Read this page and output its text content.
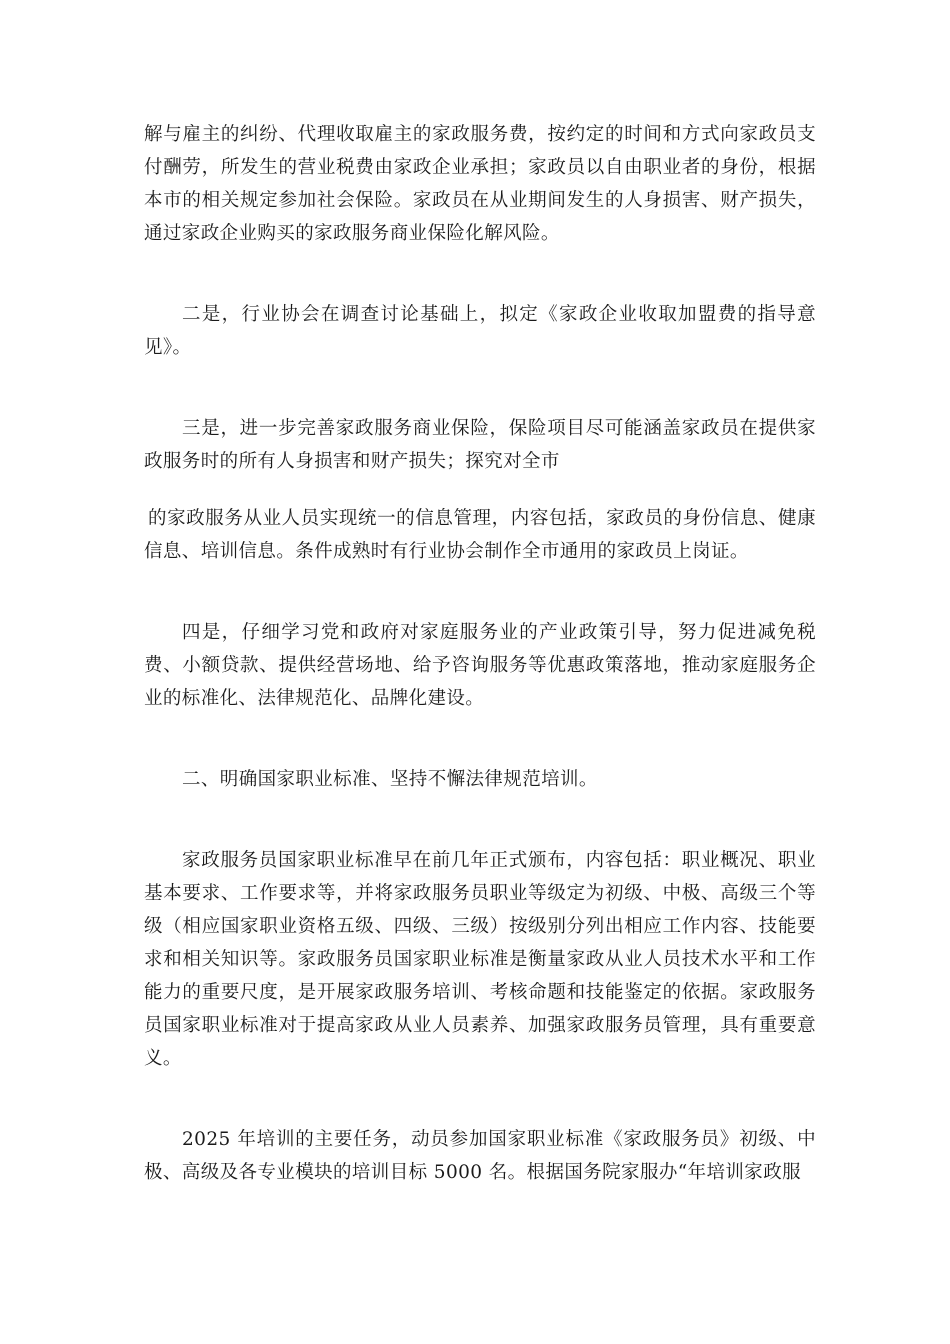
解与雇主的纠纷、代理收取雇主的家政服务费，按约定的时间和方式向家政员支付酬劳，所发生的营业税费由家政企业承担；家政员以自由职业者的身份，根据本市的相关规定参加社会保险。家政员在从业期间发生的人身损害、财产损失，通过家政企业购买的家政服务商业保险化解风险。

二是，行业协会在调查讨论基础上，拟定《家政企业收取加盟费的指导意见》。

三是，进一步完善家政服务商业保险，保险项目尽可能涵盖家政员在提供家政服务时的所有人身损害和财产损失；探究对全市

的家政服务从业人员实现统一的信息管理，内容包括，家政员的身份信息、健康信息、培训信息。条件成熟时有行业协会制作全市通用的家政员上岗证。

四是，仔细学习党和政府对家庭服务业的产业政策引导，努力促进减免税费、小额贷款、提供经营场地、给予咨询服务等优惠政策落地，推动家庭服务企业的标准化、法律规范化、品牌化建设。

二、明确国家职业标准、坚持不懈法律规范培训。

家政服务员国家职业标准早在前几年正式颁布，内容包括：职业概况、职业基本要求、工作要求等，并将家政服务员职业等级定为初级、中极、高级三个等级（相应国家职业资格五级、四级、三级）按级别分列出相应工作内容、技能要求和相关知识等。家政服务员国家职业标准是衡量家政从业人员技术水平和工作能力的重要尺度，是开展家政服务培训、考核命题和技能鉴定的依据。家政服务员国家职业标准对于提高家政从业人员素养、加强家政服务员管理，具有重要意义。

2025 年培训的主要任务，动员参加国家职业标准《家政服务员》初级、中极、高级及各专业模块的培训目标 5000 名。根据国务院家服办“年培训家政服
